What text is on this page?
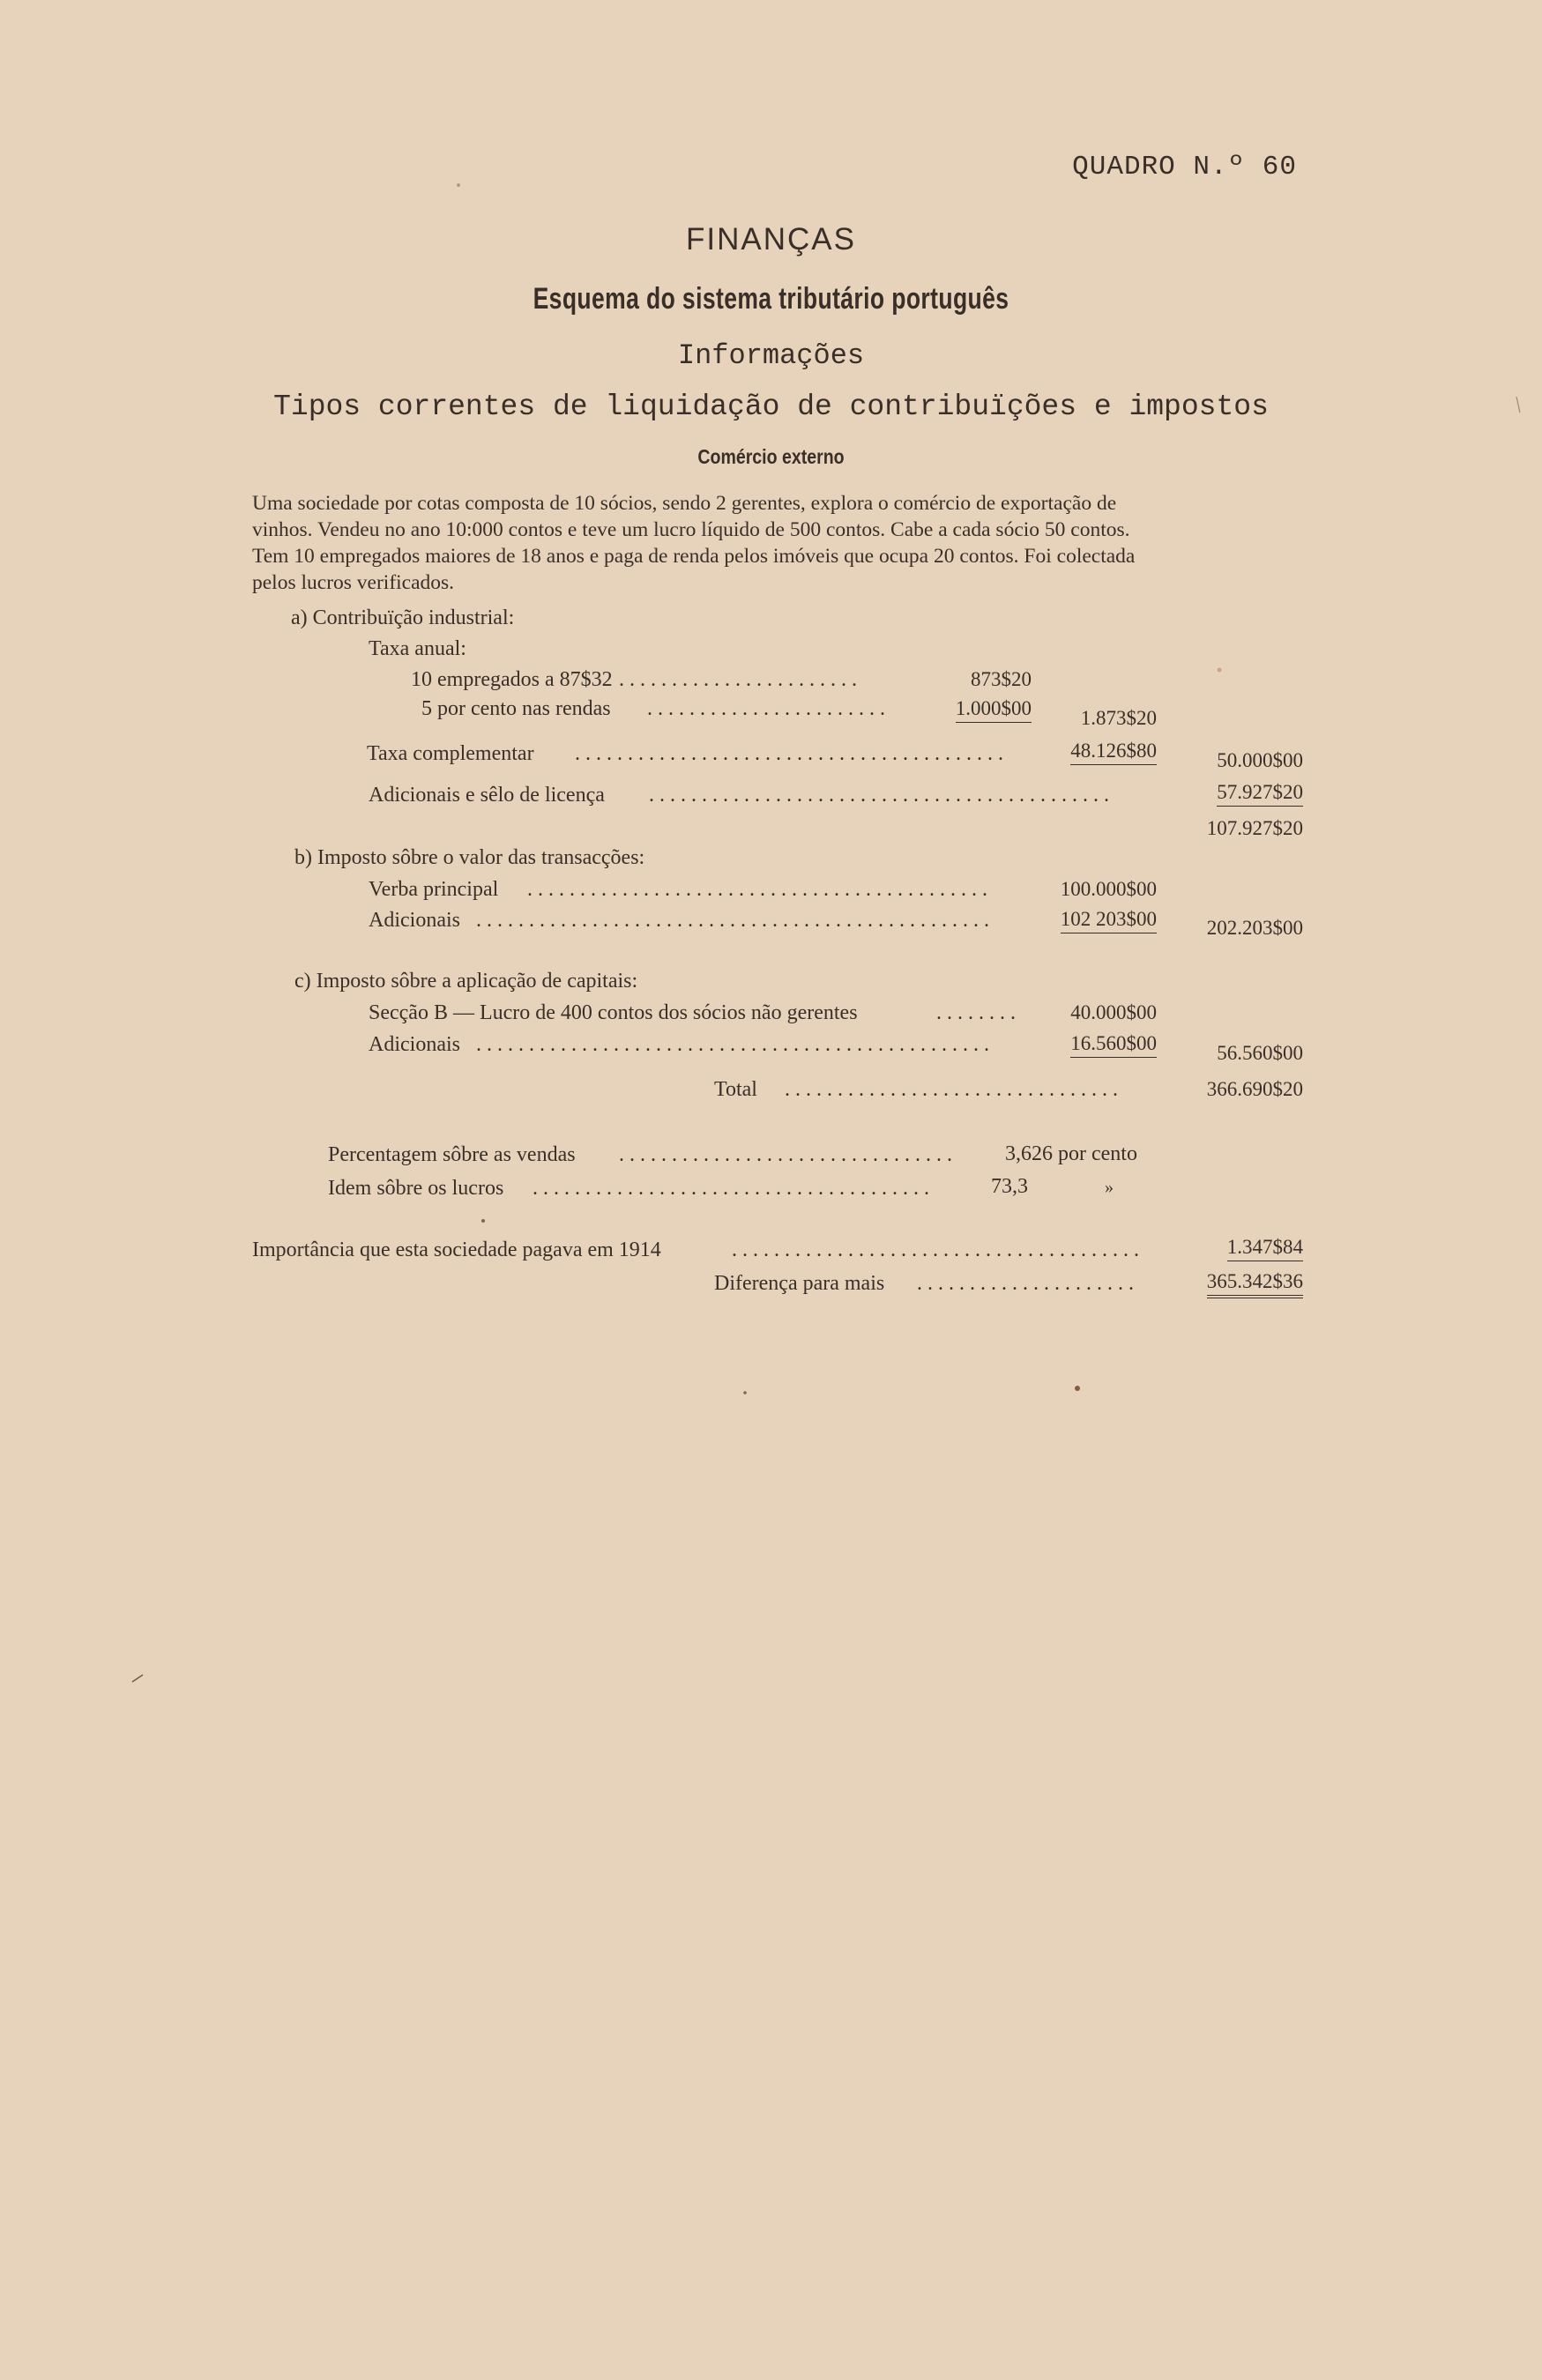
QUADRO N.º 60
FINANÇAS
Esquema do sistema tributário português
Informações
Tipos correntes de liquidação de contribuïções e impostos
Comércio externo
Uma sociedade por cotas composta de 10 sócios, sendo 2 gerentes, explora o comércio de exportação de
vinhos. Vendeu no ano 10:000 contos e teve um lucro líquido de 500 contos. Cabe a cada sócio 50 contos.
Tem 10 empregados maiores de 18 anos e paga de renda pelos imóveis que ocupa 20 contos. Foi colectada
pelos lucros verificados.
a) Contribuïção industrial:
Taxa anual:
10 empregados a 87$32 . . . . . . . . . . . . . . . . . . . . . . .	873$20
5 por cento nas rendas . . . . . . . . . . . . . . . . . . . . . . .	1.000$00	1.873$20
Taxa complementar . . . . . . . . . . . . . . . . . . . . . . . . . . . . . . . . . . . . . . . . .	48.126$80	50.000$00
Adicionais e sêlo de licença . . . . . . . . . . . . . . . . . . . . . . . . . . . . . . . . . . . . . . . . . . . .	57.927$20
107.927$20
b) Imposto sôbre o valor das transacções:
Verba principal . . . . . . . . . . . . . . . . . . . . . . . . . . . . . . . . . . . . . . . . . . . .	100.000$00
Adicionais . . . . . . . . . . . . . . . . . . . . . . . . . . . . . . . . . . . . . . . . . . . . . . . . .	102 203$00	202.203$00
c) Imposto sôbre a aplicação de capitais:
Secção B — Lucro de 400 contos dos sócios não gerentes	. . . . . . . .	40.000$00
Adicionais . . . . . . . . . . . . . . . . . . . . . . . . . . . . . . . . . . . . . . . . . . . . . . . . .	16.560$00	56.560$00
Total . . . . . . . . . . . . . . . . . . . . . . . . . . . . . . . .	366.690$20
Percentagem sôbre as vendas . . . . . . . . . . . . . . . . . . . . . . . . . . . . . . . .	3,626 por cento
Idem sôbre os lucros . . . . . . . . . . . . . . . . . . . . . . . . . . . . . . . . . . . . . .	73,3	»
Importância que esta sociedade pagava em 1914	. . . . . . . . . . . . . . . . . . . . . . . . . . . . . . . . . . . . . . .	1.347$84
Diferença para mais . . . . . . . . . . . . . . . . . . . . .	365.342$36
